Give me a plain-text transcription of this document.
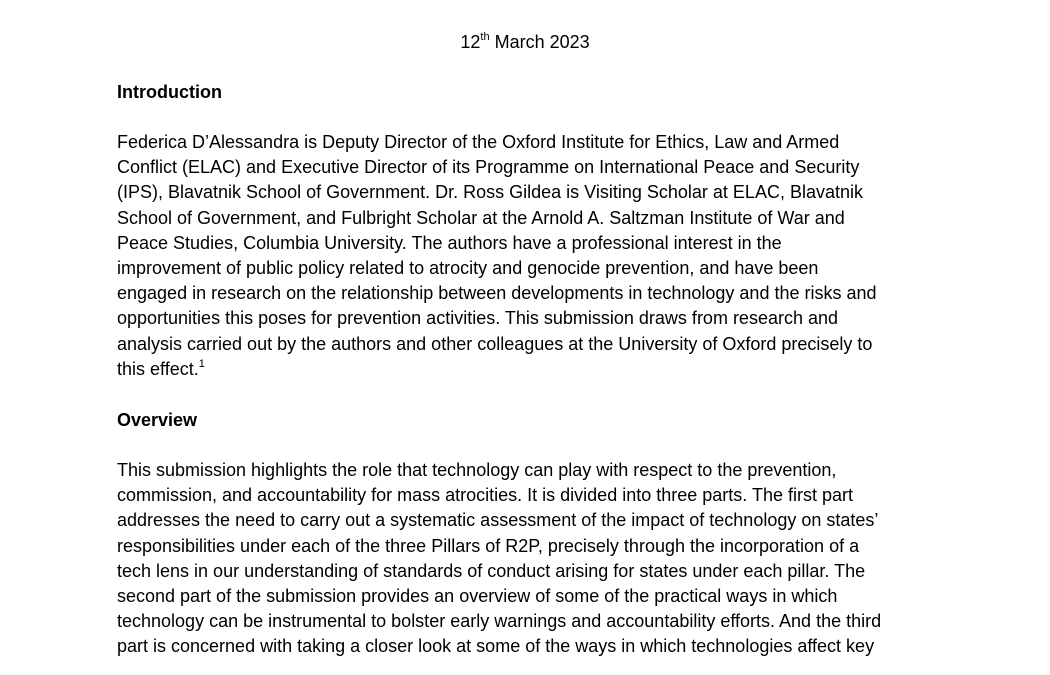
12th March 2023
Introduction
Federica D’Alessandra is Deputy Director of the Oxford Institute for Ethics, Law and Armed
Conflict (ELAC) and Executive Director of its Programme on International Peace and Security
(IPS), Blavatnik School of Government. Dr. Ross Gildea is Visiting Scholar at ELAC, Blavatnik
School of Government, and Fulbright Scholar at the Arnold A. Saltzman Institute of War and
Peace Studies, Columbia University. The authors have a professional interest in the
improvement of public policy related to atrocity and genocide prevention, and have been
engaged in research on the relationship between developments in technology and the risks and
opportunities this poses for prevention activities. This submission draws from research and
analysis carried out by the authors and other colleagues at the University of Oxford precisely to
this effect.$^1$
Overview
This submission highlights the role that technology can play with respect to the prevention,
commission, and accountability for mass atrocities. It is divided into three parts. The first part
addresses the need to carry out a systematic assessment of the impact of technology on states’
responsibilities under each of the three Pillars of R2P, precisely through the incorporation of a
tech lens in our understanding of standards of conduct arising for states under each pillar. The
second part of the submission provides an overview of some of the practical ways in which
technology can be instrumental to bolster early warnings and accountability efforts. And the third
part is concerned with taking a closer look at some of the ways in which technologies affect key
